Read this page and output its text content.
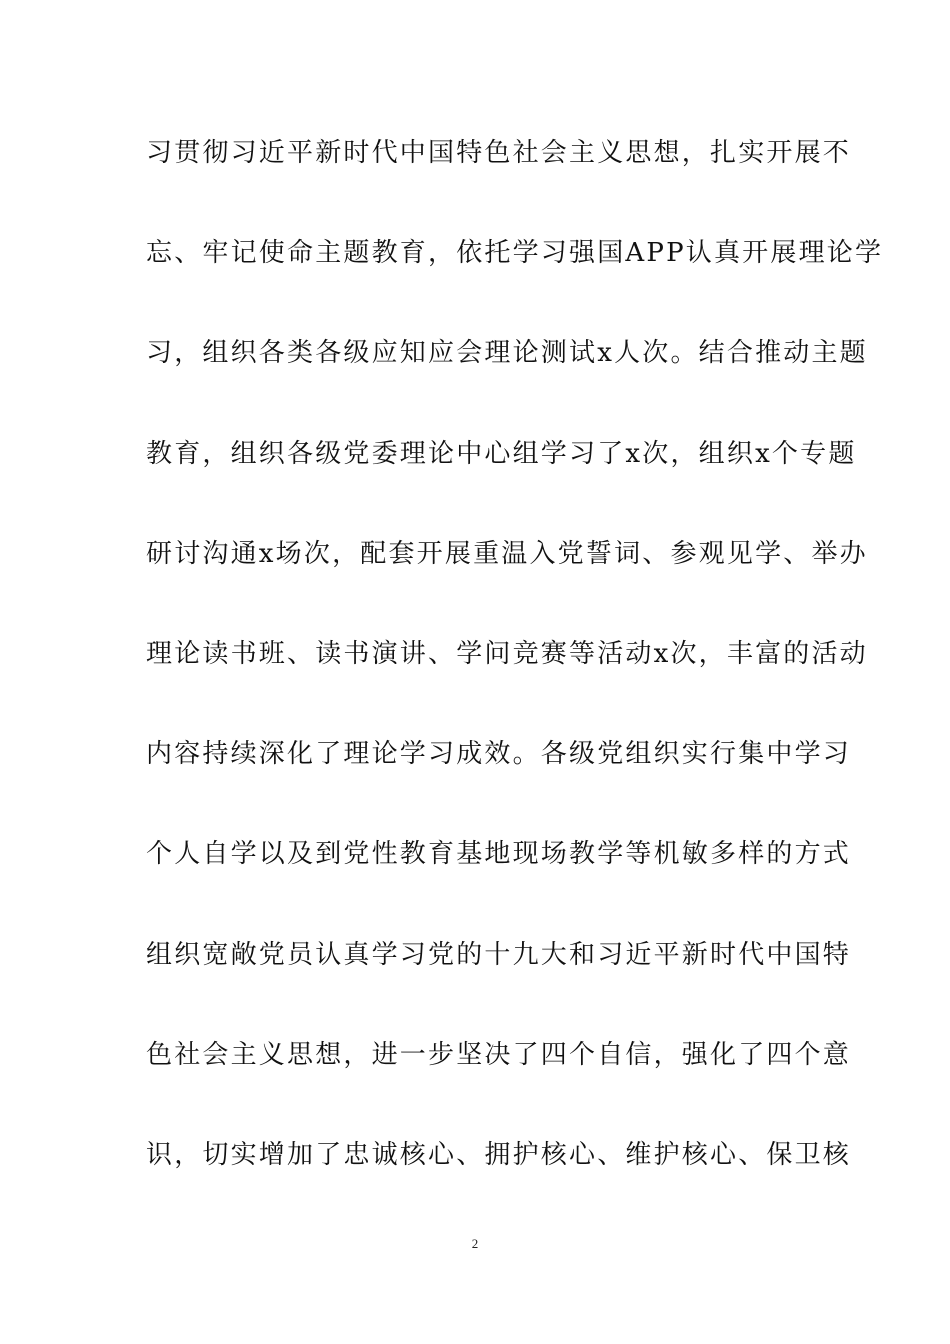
习贯彻习近平新时代中国特色社会主义思想，扎实开展不
忘、牢记使命主题教育，依托学习强国APP认真开展理论学
习，组织各类各级应知应会理论测试x人次。结合推动主题
教育，组织各级党委理论中心组学习了x次，组织x个专题
研讨沟通x场次，配套开展重温入党誓词、参观见学、举办
理论读书班、读书演讲、学问竞赛等活动x次，丰富的活动
内容持续深化了理论学习成效。各级党组织实行集中学习
个人自学以及到党性教育基地现场教学等机敏多样的方式
组织宽敞党员认真学习党的十九大和习近平新时代中国特
色社会主义思想，进一步坚决了四个自信，强化了四个意
识，切实增加了忠诚核心、拥护核心、维护核心、保卫核
2
